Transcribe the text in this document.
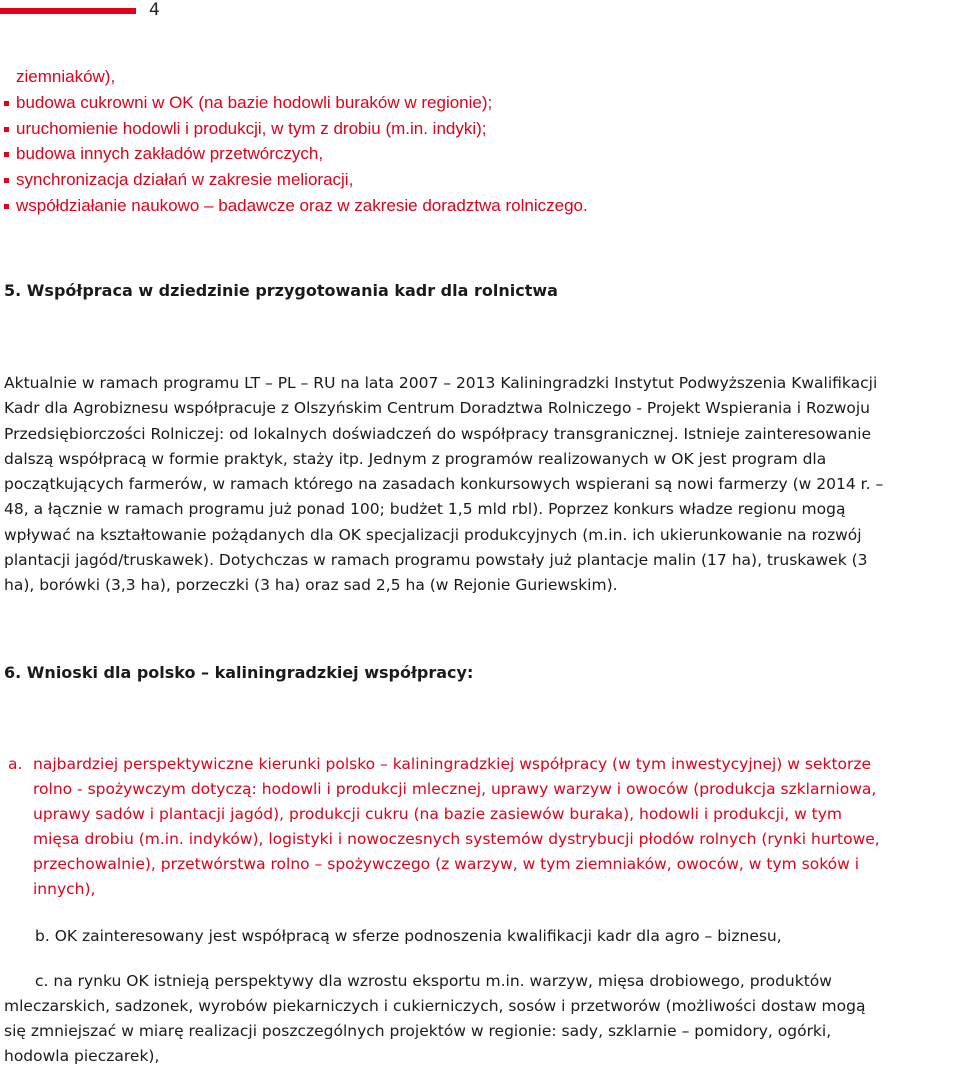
4
ziemniaków),
budowa cukrowni w OK (na bazie hodowli buraków w regionie);
uruchomienie hodowli i produkcji, w tym z drobiu (m.in. indyki);
budowa innych zakładów przetwórczych,
synchronizacja działań w zakresie melioracji,
współdziałanie naukowo – badawcze oraz w zakresie doradztwa rolniczego.
5. Współpraca w dziedzinie przygotowania kadr dla rolnictwa
Aktualnie w ramach programu LT – PL – RU na lata 2007 – 2013 Kaliningradzki Instytut Podwyższenia Kwalifikacji
Kadr dla Agrobiznesu współpracuje z Olszyńskim Centrum Doradztwa Rolniczego - Projekt Wspierania i Rozwoju
Przedsiębiorczości Rolniczej: od lokalnych doświadczeń do współpracy transgranicznej. Istnieje zainteresowanie
dalszą współpracą w formie praktyk, staży itp. Jednym z programów realizowanych w OK jest program dla
początkujących farmerów, w ramach którego na zasadach konkursowych wspierani są nowi farmerzy (w 2014 r. –
48, a łącznie w ramach programu już ponad 100; budżet 1,5 mld rbl). Poprzez konkurs władze regionu mogą
wpływać na kształtowanie pożądanych dla OK specjalizacji produkcyjnych (m.in. ich ukierunkowanie na rozwój
plantacji jagód/truskawek). Dotychczas w ramach programu powstały już plantacje malin (17 ha), truskawek (3
ha), borówki (3,3 ha), porzeczki (3 ha) oraz sad 2,5 ha (w Rejonie Guriewskim).
6. Wnioski dla polsko – kaliningradzkiej współpracy:
a. najbardziej perspektywiczne kierunki polsko – kaliningradzkiej współpracy (w tym inwestycyjnej) w sektorze
rolno - spożywczym dotyczą: hodowli i produkcji mlecznej, uprawy warzyw i owoców (produkcja szklarniowa,
uprawy sadów i plantacji jagód), produkcji cukru (na bazie zasiewów buraka), hodowli i produkcji, w tym
mięsa drobiu (m.in. indyków), logistyki i nowoczesnych systemów dystrybucji płodów rolnych (rynki hurtowe,
przechowalnie), przetwórstwa rolno – spożywczego (z warzyw, w tym ziemniaków, owoców, w tym soków i
innych),
b. OK zainteresowany jest współpracą w sferze podnoszenia kwalifikacji kadr dla agro – biznesu,
c. na rynku OK istnieją perspektywy dla wzrostu eksportu m.in. warzyw, mięsa drobiowego, produktów
mleczarskich, sadzonek, wyrobów piekarniczych i cukierniczych, sosów i przetworów (możliwości dostaw mogą
się zmniejszać w miarę realizacji poszczególnych projektów w regionie: sady, szklarnie – pomidory, ogórki,
hodowla pieczarek),
